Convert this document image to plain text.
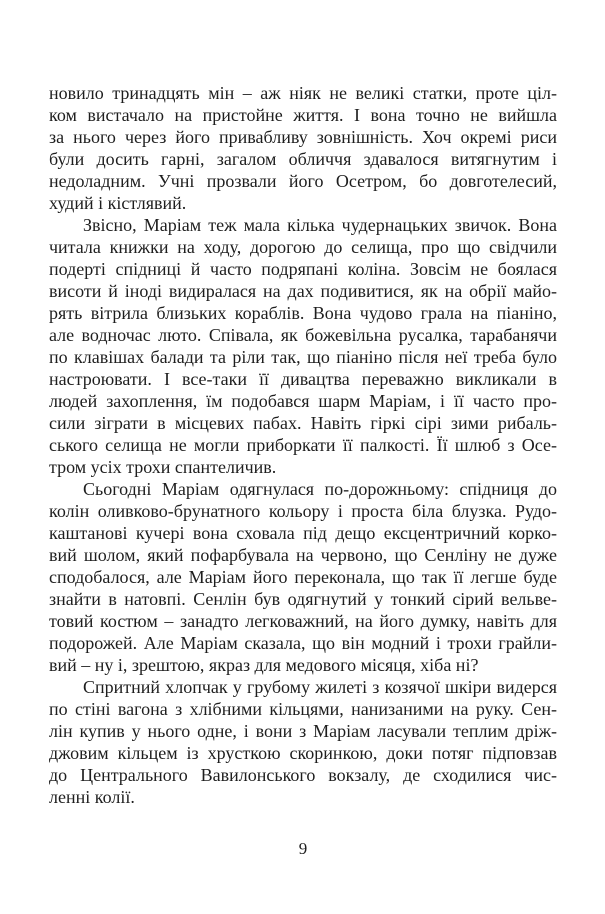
новило тринадцять мін – аж ніяк не великі статки, проте ціл-
ком вистачало на пристойне життя. І вона точно не вийшла
за нього через його привабливу зовнішність. Хоч окремі риси
були досить гарні, загалом обличчя здавалося витягнутим і
недоладним. Учні прозвали його Осетром, бо довготелесий,
худий і кістлявий.
Звісно, Маріам теж мала кілька чудернацьких звичок. Вона
читала книжки на ходу, дорогою до селища, про що свідчили
подерті спідниці й часто подряпані коліна. Зовсім не боялася
висоти й іноді видиралася на дах подивитися, як на обрії майо-
рять вітрила близьких кораблів. Вона чудово грала на піаніно,
але водночас люто. Співала, як божевільна русалка, тарабанячи
по клавішах балади та ріли так, що піаніно після неї треба було
настроювати. І все-таки її дивацтва переважно викликали в
людей захоплення, їм подобався шарм Маріам, і її часто про-
сили зіграти в місцевих пабах. Навіть гіркі сірі зими рибаль-
ського селища не могли приборкати її палкості. Її шлюб з Осе-
тром усіх трохи спантеличив.
Сьогодні Маріам одягнулася по-дорожньому: спідниця до
колін оливково-брунатного кольору і проста біла блузка. Рудо-
каштанові кучері вона сховала під дещо ексцентричний корко-
вий шолом, який пофарбувала на червоно, що Сенліну не дуже
сподобалося, але Маріам його переконала, що так її легше буде
знайти в натовпі. Сенлін був одягнутий у тонкий сірий вельве-
товий костюм – занадто легковажний, на його думку, навіть для
подорожей. Але Маріам сказала, що він модний і трохи грайли-
вий – ну і, зрештою, якраз для медового місяця, хіба ні?
Спритний хлопчак у грубому жилеті з козячої шкіри видерся
по стіні вагона з хлібними кільцями, нанизаними на руку. Сен-
лін купив у нього одне, і вони з Маріам ласували теплим дріж-
джовим кільцем із хрусткою скоринкою, доки потяг підповзав
до Центрального Вавилонського вокзалу, де сходилися чис-
ленні колії.
9
